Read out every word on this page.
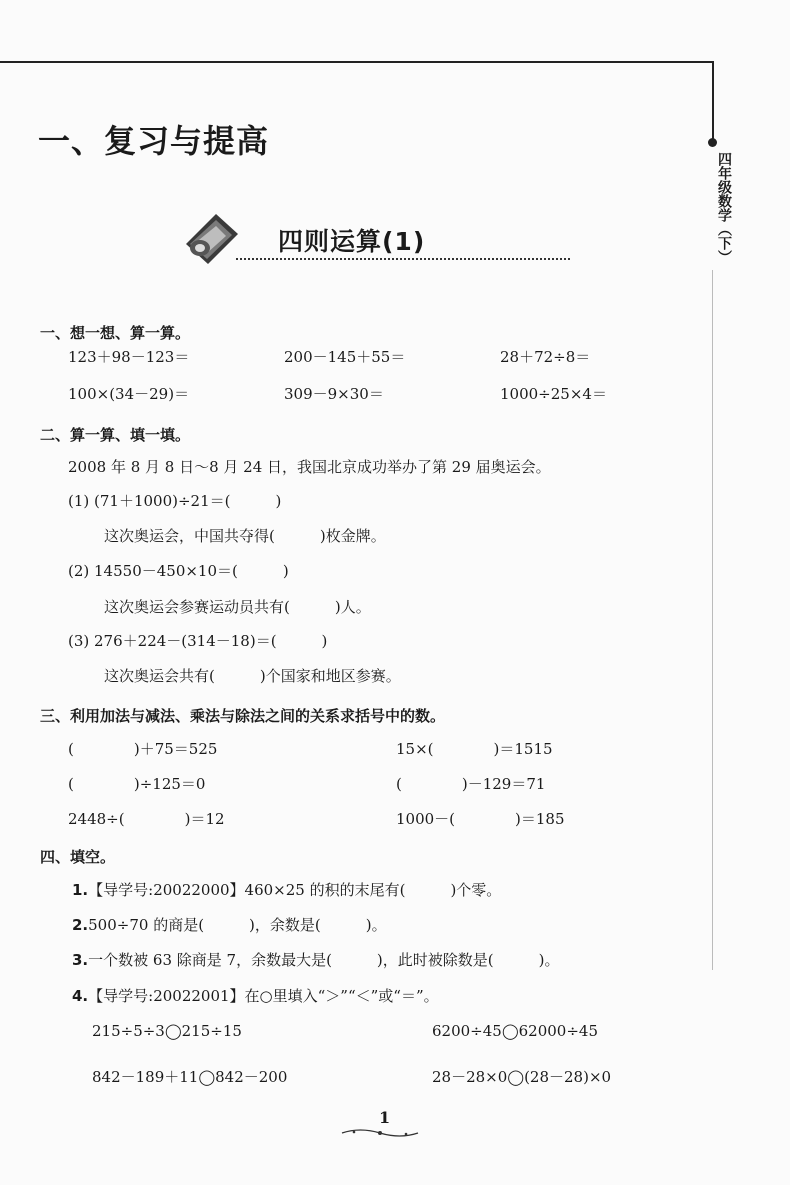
四年级数学（下）
一、复习与提高
四则运算(1)
一、想一想、算一算。
123＋98－123＝	200－145＋55＝	28＋72÷8＝
100×(34－29)＝	309－9×30＝	1000÷25×4＝
二、算一算、填一填。
2008 年 8 月 8 日～8 月 24 日，我国北京成功举办了第 29 届奥运会。
(1) (71＋1000)÷21＝(　　　)
这次奥运会，中国共夺得(　　　)枚金牌。
(2) 14550－450×10＝(　　　)
这次奥运会参赛运动员共有(　　　)人。
(3) 276＋224－(314－18)＝(　　　)
这次奥运会共有(　　　)个国家和地区参赛。
三、利用加法与减法、乘法与除法之间的关系求括号中的数。
(　　　　)＋75＝525	15×(　　　　)＝1515
(　　　　)÷125＝0	(　　　　)－129＝71
2448÷(　　　　)＝12	1000－(　　　　)＝185
四、填空。
1.【导学号:20022000】460×25 的积的末尾有(　　　)个零。
2.500÷70 的商是(　　　)，余数是(　　　)。
3.一个数被 63 除商是 7，余数最大是(　　　)，此时被除数是(　　　)。
4.【导学号:20022001】在○里填入“＞”“＜”或“＝”。
215÷5÷3◯215÷15	6200÷45◯62000÷45
842－189＋11◯842－200	28－28×0◯(28－28)×0
1
